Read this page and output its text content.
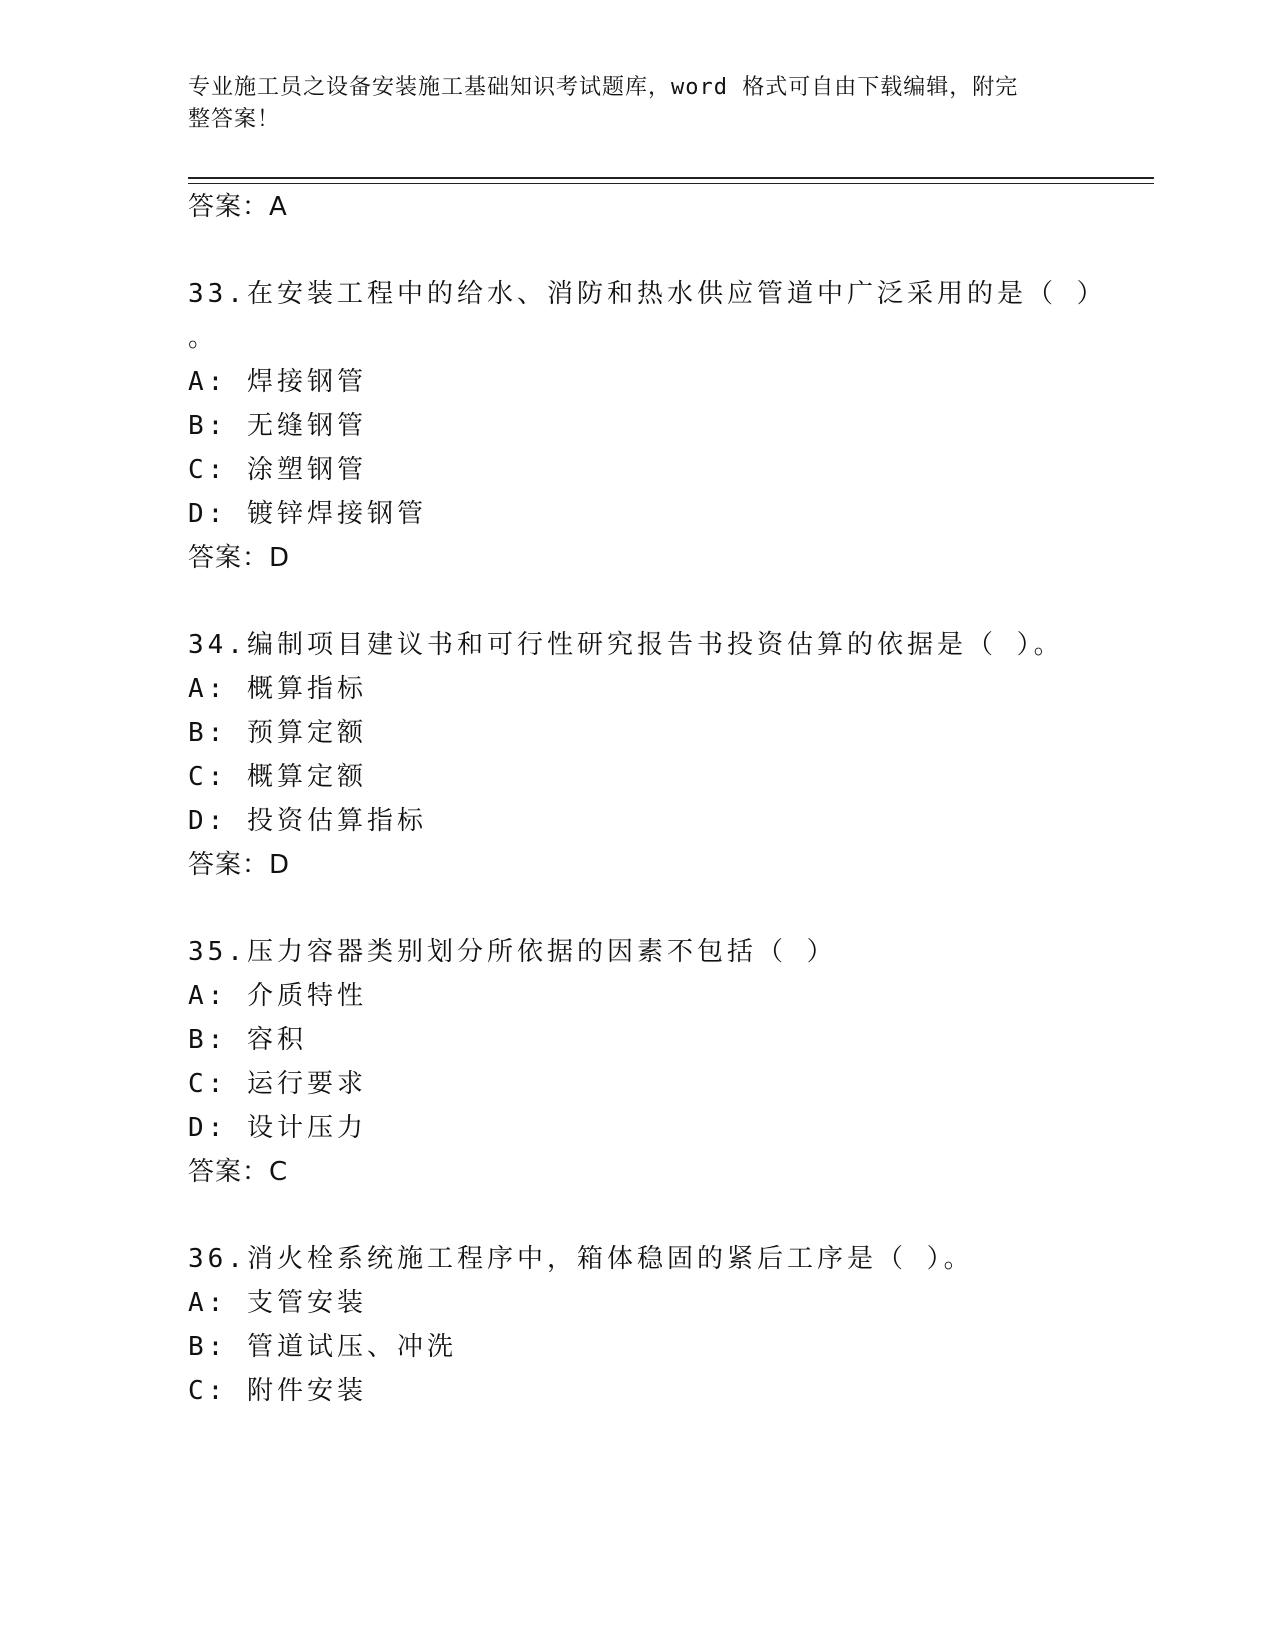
专业施工员之设备安装施工基础知识考试题库，word 格式可自由下载编辑，附完
整答案！
答案：A
33.在安装工程中的给水、消防和热水供应管道中广泛采用的是（ ）
。
A: 焊接钢管
B: 无缝钢管
C: 涂塑钢管
D: 镀锌焊接钢管
答案：D
34.编制项目建议书和可行性研究报告书投资估算的依据是（ ）。
A: 概算指标
B: 预算定额
C: 概算定额
D: 投资估算指标
答案：D
35.压力容器类别划分所依据的因素不包括（ ）
A: 介质特性
B: 容积
C: 运行要求
D: 设计压力
答案：C
36.消火栓系统施工程序中，箱体稳固的紧后工序是（ ）。
A: 支管安装
B: 管道试压、冲洗
C: 附件安装
